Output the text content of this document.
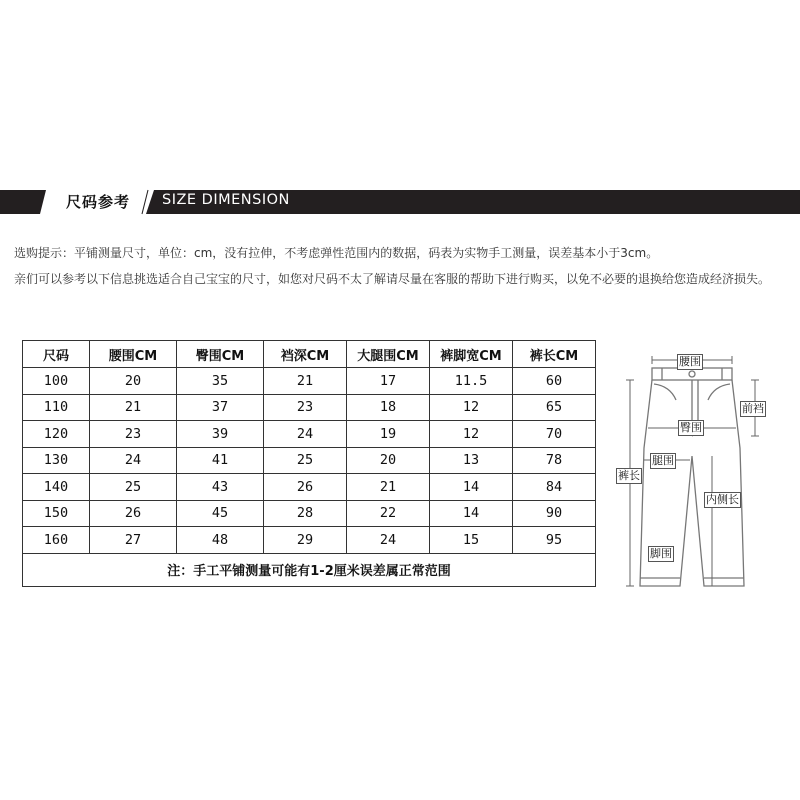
尺码参考 SIZE DIMENSION
选购提示：平铺测量尺寸，单位：cm，没有拉伸，不考虑弹性范围内的数据，码表为实物手工测量，误差基本小于3cm。
亲们可以参考以下信息挑选适合自己宝宝的尺寸，如您对尺码不太了解请尽量在客服的帮助下进行购买，以免不必要的退换给您造成经济损失。
尺码	腰围CM	臀围CM	裆深CM	大腿围CM	裤脚宽CM	裤长CM
100	20	35	21	17	11.5	60
110	21	37	23	18	12	65
120	23	39	24	19	12	70
130	24	41	25	20	13	78
140	25	43	26	21	14	84
150	26	45	28	22	14	90
160	27	48	29	24	15	95
注：手工平铺测量可能有1-2厘米误差属正常范围						
腰围
前裆
臀围
裤长
腿围
内侧长
脚围
